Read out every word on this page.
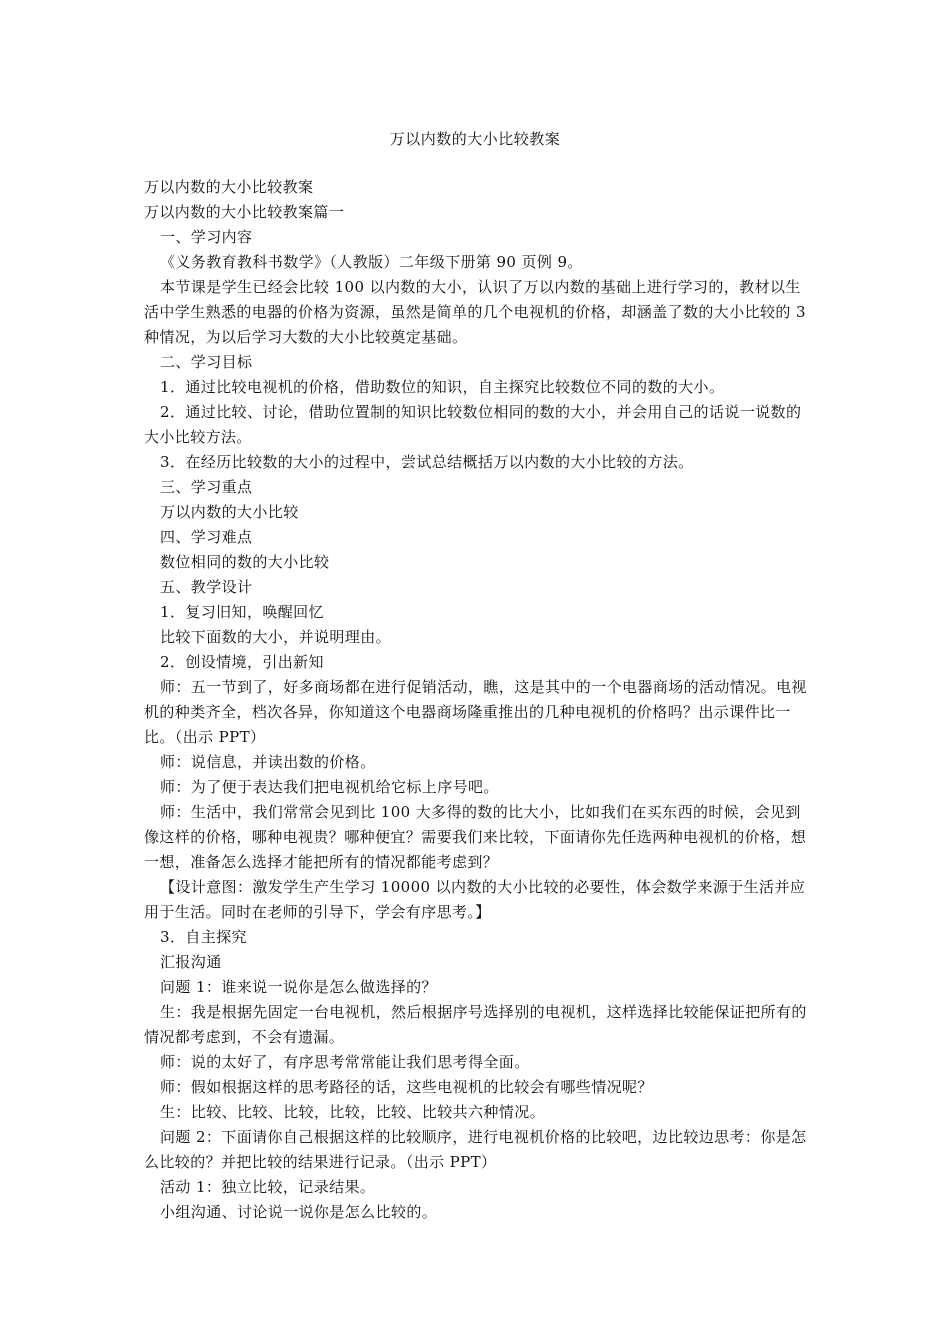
万以内数的大小比较教案

万以内数的大小比较教案

万以内数的大小比较教案篇一

一、学习内容

《义务教育教科书数学》（人教版）二年级下册第 90 页例 9。

本节课是学生已经会比较 100 以内数的大小，认识了万以内数的基础上进行学习的，教材以生活中学生熟悉的电器的价格为资源，虽然是简单的几个电视机的价格，却涵盖了数的大小比较的 3 种情况，为以后学习大数的大小比较奠定基础。

二、学习目标

1．通过比较电视机的价格，借助数位的知识，自主探究比较数位不同的数的大小。

2．通过比较、讨论，借助位置制的知识比较数位相同的数的大小，并会用自己的话说一说数的大小比较方法。

3．在经历比较数的大小的过程中，尝试总结概括万以内数的大小比较的方法。

三、学习重点

万以内数的大小比较

四、学习难点

数位相同的数的大小比较

五、教学设计

1．复习旧知，唤醒回忆

比较下面数的大小，并说明理由。

2．创设情境，引出新知

师：五一节到了，好多商场都在进行促销活动，瞧，这是其中的一个电器商场的活动情况。电视机的种类齐全，档次各异，你知道这个电器商场隆重推出的几种电视机的价格吗？出示课件比一比。（出示 PPT）

师：说信息，并读出数的价格。

师：为了便于表达我们把电视机给它标上序号吧。

师：生活中，我们常常会见到比 100 大多得的数的比大小，比如我们在买东西的时候，会见到像这样的价格，哪种电视贵？哪种便宜？需要我们来比较，下面请你先任选两种电视机的价格，想一想，准备怎么选择才能把所有的情况都能考虑到？

【设计意图：激发学生产生学习 10000 以内数的大小比较的必要性，体会数学来源于生活并应用于生活。同时在老师的引导下，学会有序思考。】

3．自主探究

汇报沟通

问题 1：谁来说一说你是怎么做选择的？

生：我是根据先固定一台电视机，然后根据序号选择别的电视机，这样选择比较能保证把所有的情况都考虑到，不会有遗漏。

师：说的太好了，有序思考常常能让我们思考得全面。

师：假如根据这样的思考路径的话，这些电视机的比较会有哪些情况呢？

生：比较、比较、比较，比较，比较、比较共六种情况。

问题 2：下面请你自己根据这样的比较顺序，进行电视机价格的比较吧，边比较边思考：你是怎么比较的？并把比较的结果进行记录。（出示 PPT）

活动 1：独立比较，记录结果。

小组沟通、讨论说一说你是怎么比较的。
